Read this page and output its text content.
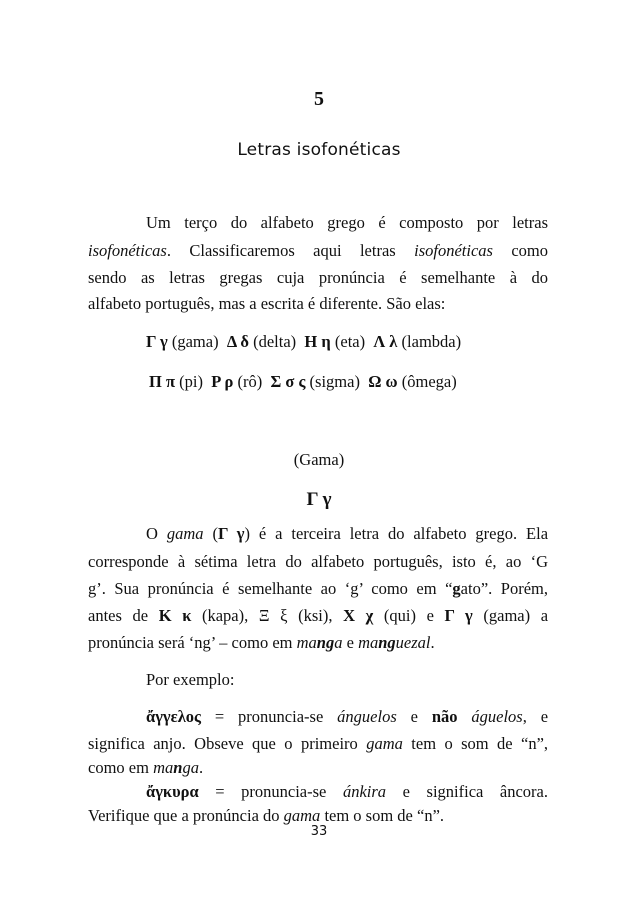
5
Letras isofonéticas
Um terço do alfabeto grego é composto por letras
isofonéticas. Classificaremos aqui letras isofonéticas como
sendo as letras gregas cuja pronúncia é semelhante à do
alfabeto português, mas a escrita é diferente. São elas:
Γ γ (gama) Δ δ (delta) Η η (eta) Λ λ (lambda)
Π π (pi) Ρ ρ (rô) Σ σ ς (sigma) Ω ω (ômega)
(Gama)
Γ γ
O gama (Γ γ) é a terceira letra do alfabeto grego. Ela
corresponde à sétima letra do alfabeto português, isto é, ao ‘G
g’. Sua pronúncia é semelhante ao ‘g’ como em “gato”. Porém,
antes de Κ κ (kapa), Ξ ξ (ksi), Χ χ (qui) e Γ γ (gama) a
pronúncia será ‘ng’ – como em manga e manguezal.
Por exemplo:
ἄγγελος = pronuncia-se ánguelos e não águelos, e
significa anjo. Obseve que o primeiro gama tem o som de “n”,
como em manga.
ἄγκυρα = pronuncia-se ánkira e significa âncora.
Verifique que a pronúncia do gama tem o som de “n”.
33
